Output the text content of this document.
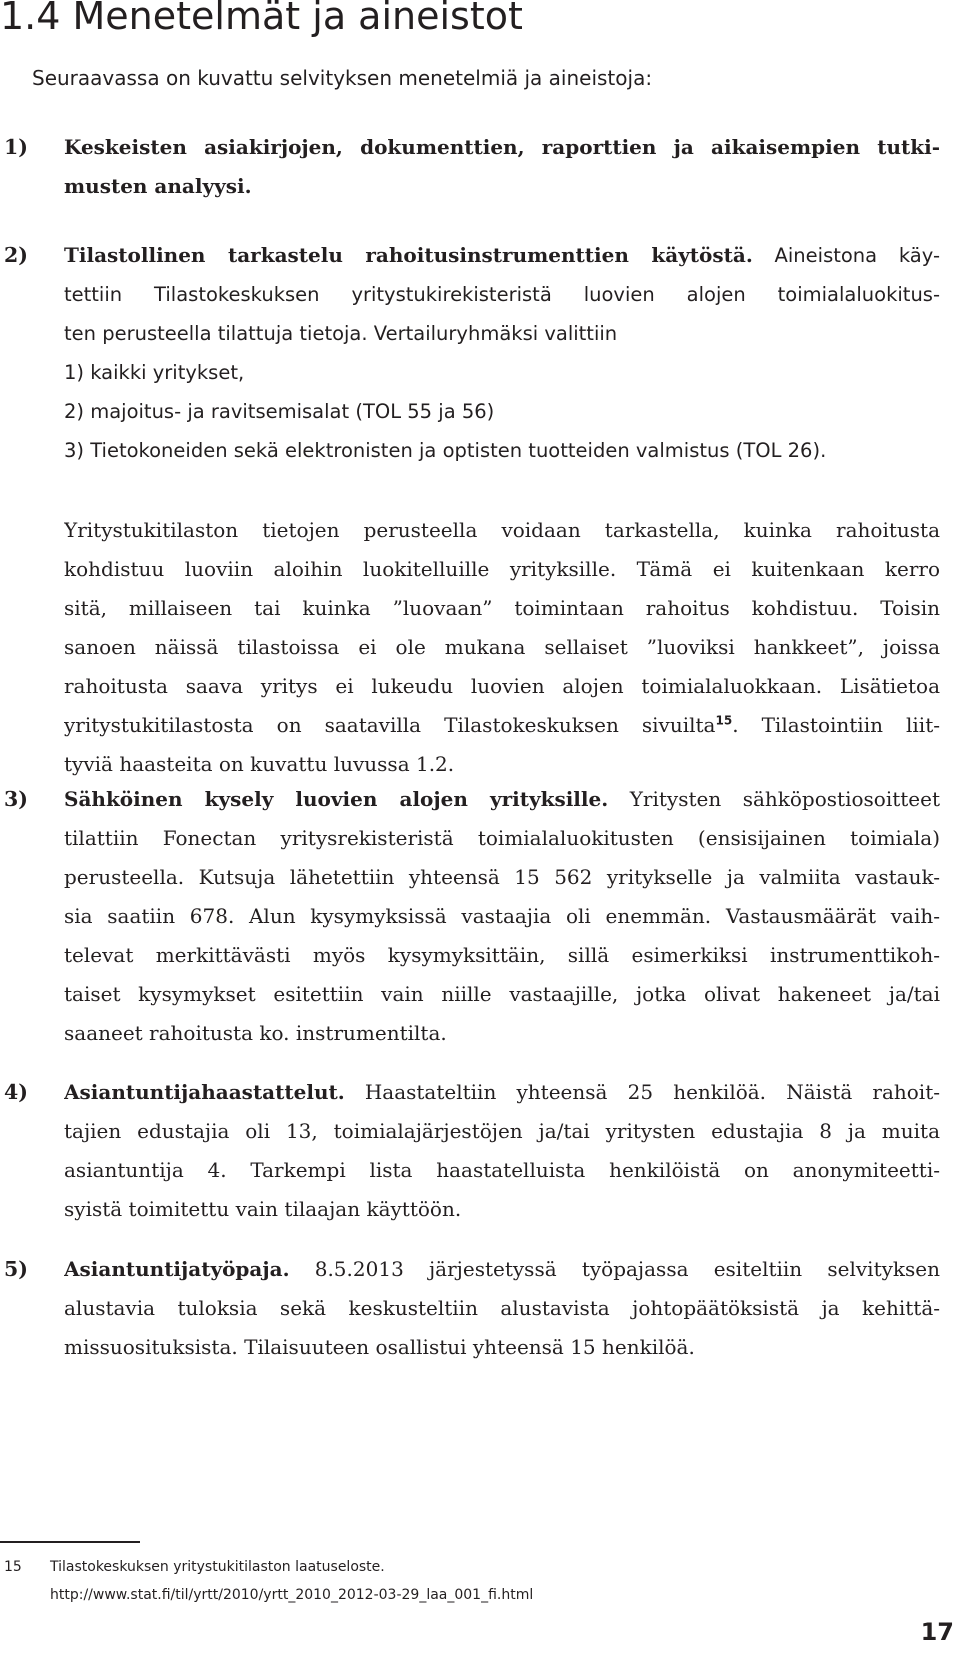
1.4 Menetelmät ja aineistot

Seuraavassa on kuvattu selvityksen menetelmiä ja aineistoja:

1) Keskeisten asiakirjojen, dokumenttien, raporttien ja aikaisempien tutki-
musten analyysi.
2) Tilastollinen tarkastelu rahoitusinstrumenttien käytöstä. Aineistona käy-
tettiin Tilastokeskuksen yritystukirekisteristä luovien alojen toimialaluokitus-
ten perusteella tilattuja tietoja. Vertailuryhmäksi valittiin
1) kaikki yritykset,
2) majoitus- ja ravitsemisalat (TOL 55 ja 56)
3) Tietokoneiden sekä elektronisten ja optisten tuotteiden valmistus (TOL 26).
Yritystukitilaston tietojen perusteella voidaan tarkastella, kuinka rahoitusta
kohdistuu luoviin aloihin luokitelluille yrityksille. Tämä ei kuitenkaan kerro
sitä, millaiseen tai kuinka ”luovaan” toimintaan rahoitus kohdistuu. Toisin
sanoen näissä tilastoissa ei ole mukana sellaiset ”luoviksi hankkeet”, joissa
rahoitusta saava yritys ei lukeudu luovien alojen toimialaluokkaan. Lisätietoa
yritystukitilastosta on saatavilla Tilastokeskuksen sivuilta$^{15}$. Tilastointiin liit-
tyviä haasteita on kuvattu luvussa 1.2.
3) Sähköinen kysely luovien alojen yrityksille. Yritysten sähköpostiosoitteet
tilattiin Fonectan yritysrekisteristä toimialaluokitusten (ensisijainen toimiala)
perusteella. Kutsuja lähetettiin yhteensä 15 562 yritykselle ja valmiita vastauk-
sia saatiin 678. Alun kysymyksissä vastaajia oli enemmän. Vastausmäärät vaih-
televat merkittävästi myös kysymyksittäin, sillä esimerkiksi instrumenttikoh-
taiset kysymykset esitettiin vain niille vastaajille, jotka olivat hakeneet ja/tai
saaneet rahoitusta ko. instrumentilta.
4) Asiantuntijahaastattelut. Haastateltiin yhteensä 25 henkilöä. Näistä rahoit-
tajien edustajia oli 13, toimialajärjestöjen ja/tai yritysten edustajia 8 ja muita
asiantuntija 4. Tarkempi lista haastatelluista henkilöistä on anonymiteetti-
syistä toimitettu vain tilaajan käyttöön.
5) Asiantuntijatyöpaja. 8.5.2013 järjestetyssä työpajassa esiteltiin selvityksen
alustavia tuloksia sekä keskusteltiin alustavista johtopäätöksistä ja kehittä-
missuosituksista. Tilaisuuteen osallistui yhteensä 15 henkilöä.
15 Tilastokeskuksen yritystukitilaston laatuseloste.
http://www.stat.fi/til/yrtt/2010/yrtt_2010_2012-03-29_laa_001_fi.html
17
